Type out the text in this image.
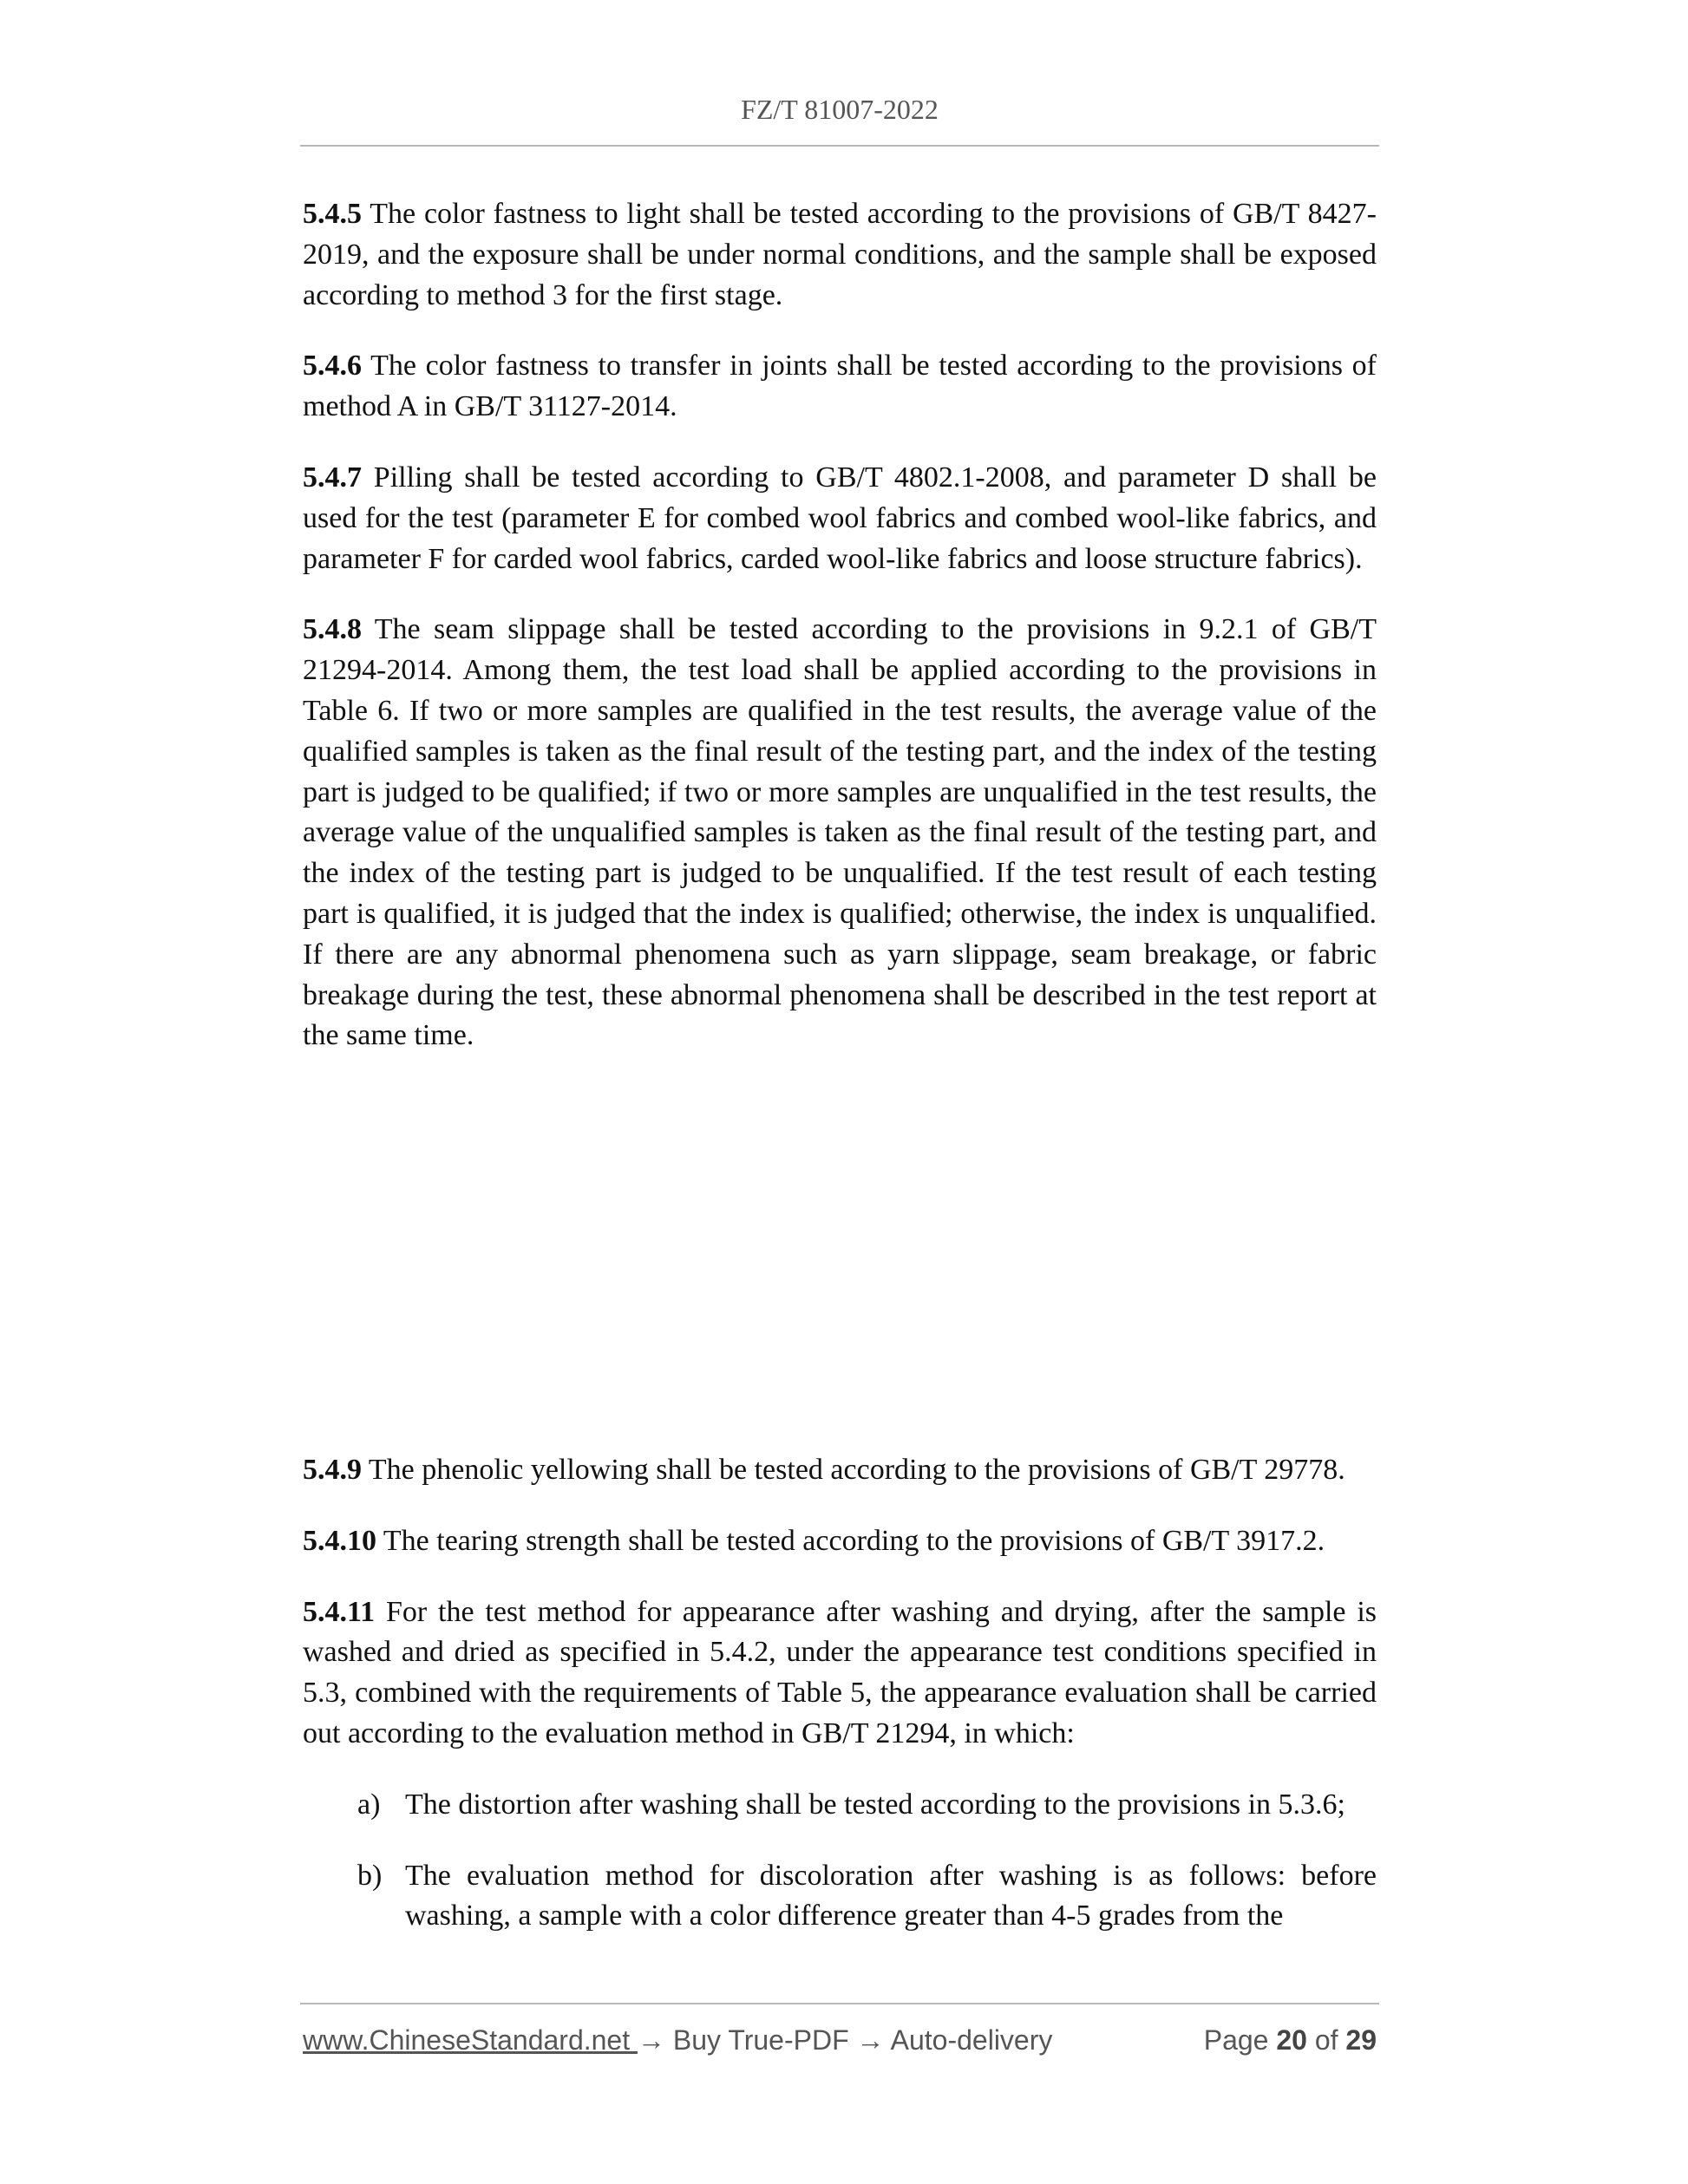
FZ/T 81007-2022

5.4.5 The color fastness to light shall be tested according to the provisions of GB/T 8427-2019, and the exposure shall be under normal conditions, and the sample shall be exposed according to method 3 for the first stage.

5.4.6 The color fastness to transfer in joints shall be tested according to the provisions of method A in GB/T 31127-2014.

5.4.7 Pilling shall be tested according to GB/T 4802.1-2008, and parameter D shall be used for the test (parameter E for combed wool fabrics and combed wool-like fabrics, and parameter F for carded wool fabrics, carded wool-like fabrics and loose structure fabrics).

5.4.8 The seam slippage shall be tested according to the provisions in 9.2.1 of GB/T 21294-2014. Among them, the test load shall be applied according to the provisions in Table 6. If two or more samples are qualified in the test results, the average value of the qualified samples is taken as the final result of the testing part, and the index of the testing part is judged to be qualified; if two or more samples are unqualified in the test results, the average value of the unqualified samples is taken as the final result of the testing part, and the index of the testing part is judged to be unqualified. If the test result of each testing part is qualified, it is judged that the index is qualified; otherwise, the index is unqualified. If there are any abnormal phenomena such as yarn slippage, seam breakage, or fabric breakage during the test, these abnormal phenomena shall be described in the test report at the same time.

5.4.9 The phenolic yellowing shall be tested according to the provisions of GB/T 29778.

5.4.10 The tearing strength shall be tested according to the provisions of GB/T 3917.2.

5.4.11 For the test method for appearance after washing and drying, after the sample is washed and dried as specified in 5.4.2, under the appearance test conditions specified in 5.3, combined with the requirements of Table 5, the appearance evaluation shall be carried out according to the evaluation method in GB/T 21294, in which:

a) The distortion after washing shall be tested according to the provisions in 5.3.6;
b) The evaluation method for discoloration after washing is as follows: before washing, a sample with a color difference greater than 4-5 grades from the
www.ChineseStandard.net → Buy True-PDF → Auto-delivery	Page 20 of 29
